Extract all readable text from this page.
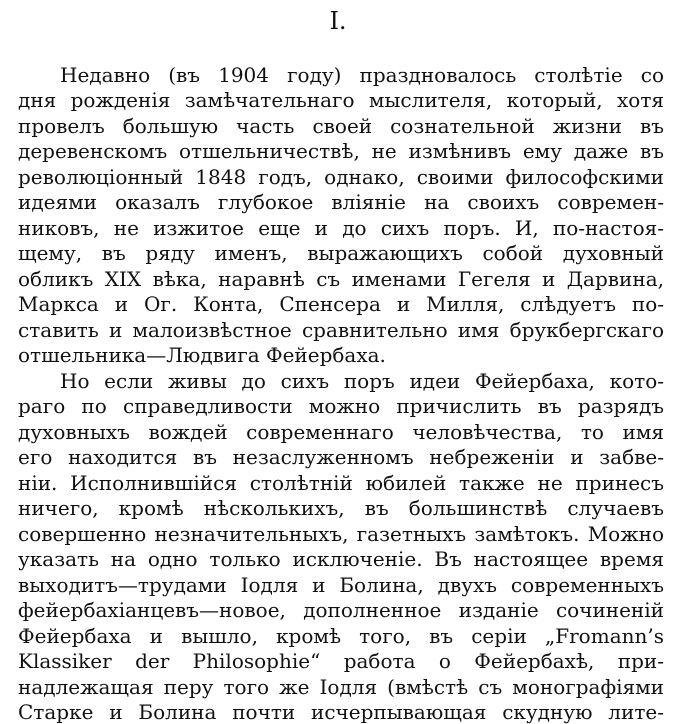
I.
Недавно (въ 1904 году) праздновалось столѣтіе со
дня рожденія замѣчательнаго мыслителя, который, хотя
провелъ большую часть своей сознательной жизни въ
деревенскомъ отшельничествѣ, не измѣнивъ ему даже въ
революціонный 1848 годъ, однако, своими философскими
идеями оказалъ глубокое вліяніе на своихъ современ-
никовъ, не изжитое еще и до сихъ поръ. И, по-настоя-
щему, въ ряду именъ, выражающихъ собой духовный
обликъ XIX вѣка, наравнѣ съ именами Гегеля и Дарвина,
Маркса и Ог. Конта, Спенсера и Милля, слѣдуетъ по-
ставить и малоизвѣстное сравнительно имя брукбергскаго
отшельника—Людвига Фейербаха.
Но если живы до сихъ поръ идеи Фейербаха, кото-
раго по справедливости можно причислить въ разрядъ
духовныхъ вождей современнаго человѣчества, то имя
его находится въ незаслуженномъ небреженіи и забве-
ніи. Исполнившійся столѣтній юбилей также не принесъ
ничего, кромѣ нѣсколькихъ, въ большинствѣ случаевъ
совершенно незначительныхъ, газетныхъ замѣтокъ. Можно
указать на одно только исключеніе. Въ настоящее время
выходитъ—трудами Іодля и Болина, двухъ современныхъ
фейербахіанцевъ—новое, дополненное изданіе сочиненій
Фейербаха и вышло, кромѣ того, въ серіи „Fromann’s
Klassiker der Philosophie“ работа о Фейербахѣ, при-
надлежащая перу того же Іодля (вмѣстѣ съ монографіями
Старке и Болина почти исчерпывающая скудную лите-
